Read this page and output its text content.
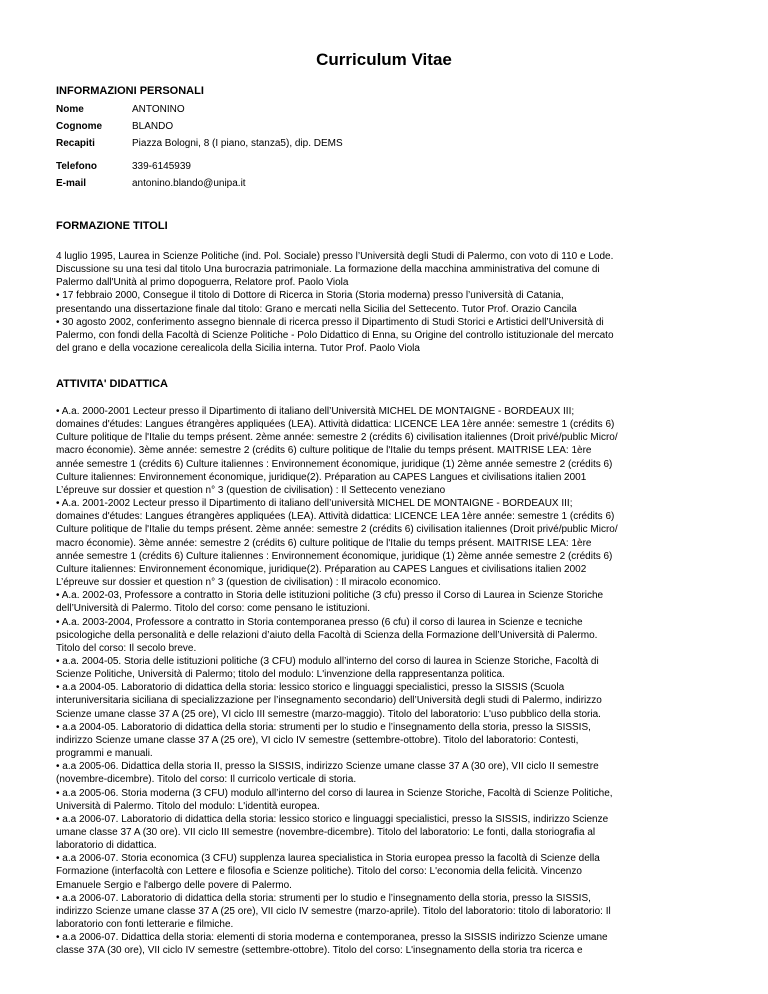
Curriculum Vitae
INFORMAZIONI PERSONALI
Nome	ANTONINO
Cognome	BLANDO
Recapiti	Piazza Bologni, 8 (I piano, stanza5), dip. DEMS
Telefono	339-6145939
E-mail	antonino.blando@unipa.it
FORMAZIONE TITOLI
4 luglio 1995, Laurea in Scienze Politiche (ind. Pol. Sociale) presso l’Università degli Studi di Palermo, con voto di 110 e Lode.
Discussione su una tesi dal titolo Una burocrazia patrimoniale. La formazione della macchina amministrativa del comune di
Palermo dall'Unità al primo dopoguerra, Relatore prof. Paolo Viola
• 17 febbraio 2000, Consegue il titolo di Dottore di Ricerca in Storia (Storia moderna) presso l’università di Catania,
presentando una dissertazione finale dal titolo: Grano e mercati nella Sicilia del Settecento. Tutor Prof. Orazio Cancila
• 30 agosto 2002, conferimento assegno biennale di ricerca presso il Dipartimento di Studi Storici e Artistici dell’Università di
Palermo, con fondi della Facoltà di Scienze Politiche - Polo Didattico di Enna, su Origine del controllo istituzionale del mercato
del grano e della vocazione cerealicola della Sicilia interna. Tutor Prof. Paolo Viola
ATTIVITA' DIDATTICA
• A.a. 2000-2001 Lecteur presso il Dipartimento di italiano dell’Università MICHEL DE MONTAIGNE - BORDEAUX III;
domaines d'études: Langues étrangères appliquées (LEA). Attività didattica: LICENCE LEA 1ère année: semestre 1 (crédits 6)
Culture politique de l'Italie du temps présent. 2ème année: semestre 2 (crédits 6) civilisation italiennes (Droit privé/public Micro/
macro économie). 3ème année: semestre 2 (crédits 6) culture politique de l'Italie du temps présent. MAITRISE LEA: 1ère
année semestre 1 (crédits 6) Culture italiennes : Environnement économique, juridique (1) 2ème année semestre 2 (crédits 6)
Culture italiennes: Environnement économique, juridique(2). Préparation au CAPES Langues et civilisations italien 2001
L’épreuve sur dossier et question n° 3 (question de civilisation) : Il Settecento veneziano
• A.a. 2001-2002 Lecteur presso il Dipartimento di italiano dell’università MICHEL DE MONTAIGNE - BORDEAUX III;
domaines d'études: Langues étrangères appliquées (LEA). Attività didattica: LICENCE LEA 1ère année: semestre 1 (crédits 6)
Culture politique de l'Italie du temps présent. 2ème année: semestre 2 (crédits 6) civilisation italiennes (Droit privé/public Micro/
macro économie). 3ème année: semestre 2 (crédits 6) culture politique de l'Italie du temps présent. MAITRISE LEA: 1ère
année semestre 1 (crédits 6) Culture italiennes : Environnement économique, juridique (1) 2ème année semestre 2 (crédits 6)
Culture italiennes: Environnement économique, juridique(2). Préparation au CAPES Langues et civilisations italien 2002
L’épreuve sur dossier et question n° 3 (question de civilisation) : Il miracolo economico.
• A.a. 2002-03, Professore a contratto in Storia delle istituzioni politiche (3 cfu) presso il Corso di Laurea in Scienze Storiche
dell’Università di Palermo. Titolo del corso: come pensano le istituzioni.
• A.a. 2003-2004, Professore a contratto in Storia contemporanea presso (6 cfu) il corso di laurea in Scienze e tecniche
psicologiche della personalità e delle relazioni d’aiuto della Facoltà di Scienza della Formazione dell’Università di Palermo.
Titolo del corso: Il secolo breve.
• a.a. 2004-05. Storia delle istituzioni politiche (3 CFU) modulo all’interno del corso di laurea in Scienze Storiche, Facoltà di
Scienze Politiche, Università di Palermo; titolo del modulo: L'invenzione della rappresentanza politica.
• a.a 2004-05. Laboratorio di didattica della storia: lessico storico e linguaggi specialistici, presso la SISSIS (Scuola
interuniversitaria siciliana di specializzazione per l’insegnamento secondario) dell’Università degli studi di Palermo, indirizzo
Scienze umane classe 37 A (25 ore), VI ciclo III semestre (marzo-maggio). Titolo del laboratorio: L'uso pubblico della storia.
• a.a 2004-05. Laboratorio di didattica della storia: strumenti per lo studio e l’insegnamento della storia, presso la SISSIS,
indirizzo Scienze umane classe 37 A (25 ore), VI ciclo IV semestre (settembre-ottobre). Titolo del laboratorio: Contesti,
programmi e manuali.
• a.a 2005-06. Didattica della storia II, presso la SISSIS, indirizzo Scienze umane classe 37 A (30 ore), VII ciclo II semestre
(novembre-dicembre). Titolo del corso: Il curricolo verticale di storia.
• a.a 2005-06. Storia moderna (3 CFU) modulo all’interno del corso di laurea in Scienze Storiche, Facoltà di Scienze Politiche,
Università di Palermo. Titolo del modulo: L'identità europea.
• a.a 2006-07. Laboratorio di didattica della storia: lessico storico e linguaggi specialistici, presso la SISSIS, indirizzo Scienze
umane classe 37 A (30 ore). VII ciclo III semestre (novembre-dicembre). Titolo del laboratorio: Le fonti, dalla storiografia al
laboratorio di didattica.
• a.a 2006-07. Storia economica (3 CFU) supplenza laurea specialistica in Storia europea presso la facoltà di Scienze della
Formazione (interfacoltà con Lettere e filosofia e Scienze politiche). Titolo del corso: L'economia della felicità. Vincenzo
Emanuele Sergio e l'albergo delle povere di Palermo.
• a.a 2006-07. Laboratorio di didattica della storia: strumenti per lo studio e l’insegnamento della storia, presso la SISSIS,
indirizzo Scienze umane classe 37 A (25 ore), VII ciclo IV semestre (marzo-aprile). Titolo del laboratorio: titolo di laboratorio: Il
laboratorio con fonti letterarie e filmiche.
• a.a 2006-07. Didattica della storia: elementi di storia moderna e contemporanea, presso la SISSIS indirizzo Scienze umane
classe 37A (30 ore), VII ciclo IV semestre (settembre-ottobre). Titolo del corso: L'insegnamento della storia tra ricerca e
